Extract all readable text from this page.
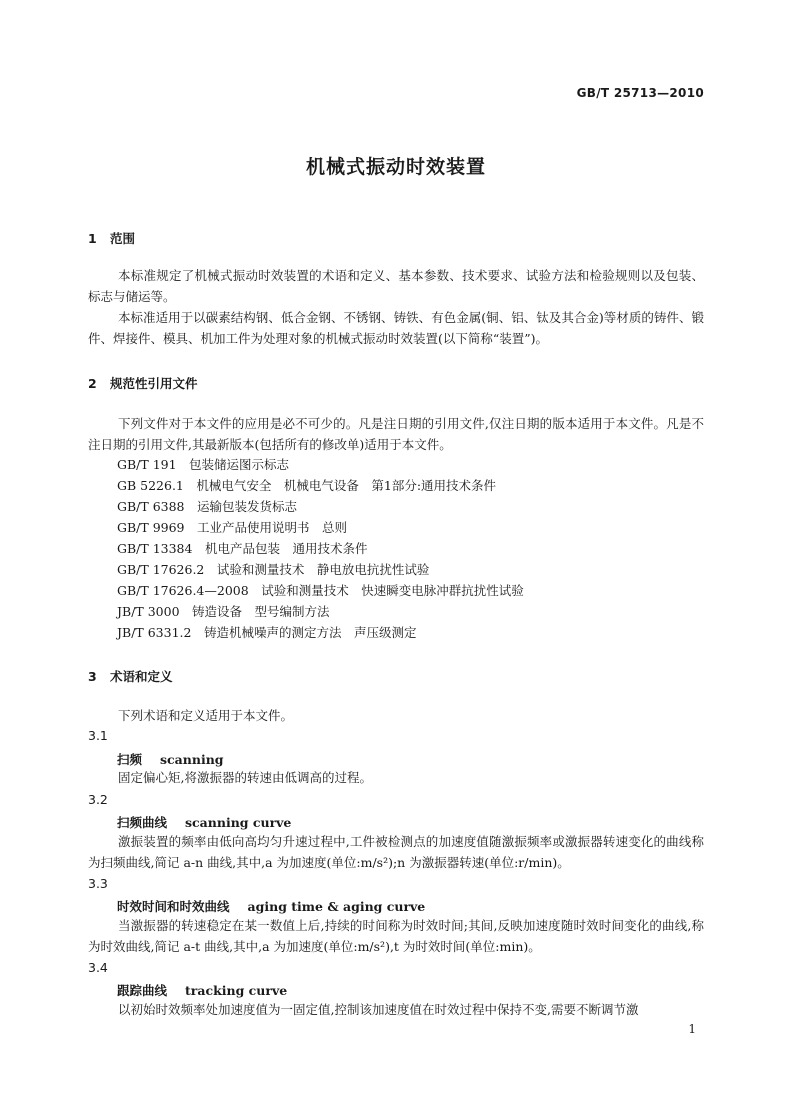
GB/T 25713—2010
机械式振动时效装置
1 范围
本标准规定了机械式振动时效装置的术语和定义、基本参数、技术要求、试验方法和检验规则以及包装、标志与储运等。
本标准适用于以碳素结构钢、低合金钢、不锈钢、铸铁、有色金属(铜、铝、钛及其合金)等材质的铸件、锻件、焊接件、模具、机加工件为处理对象的机械式振动时效装置(以下简称“装置”)。
2 规范性引用文件
下列文件对于本文件的应用是必不可少的。凡是注日期的引用文件,仅注日期的版本适用于本文件。凡是不注日期的引用文件,其最新版本(包括所有的修改单)适用于本文件。
GB/T 191　包装储运图示标志
GB 5226.1　机械电气安全　机械电气设备　第1部分:通用技术条件
GB/T 6388　运输包装发货标志
GB/T 9969　工业产品使用说明书　总则
GB/T 13384　机电产品包装　通用技术条件
GB/T 17626.2　试验和测量技术　静电放电抗扰性试验
GB/T 17626.4—2008　试验和测量技术　快速瞬变电脉冲群抗扰性试验
JB/T 3000　铸造设备　型号编制方法
JB/T 6331.2　铸造机械噪声的测定方法　声压级测定
3 术语和定义
下列术语和定义适用于本文件。
3.1
扫频 scanning
固定偏心矩,将激振器的转速由低调高的过程。
3.2
扫频曲线 scanning curve
激振装置的频率由低向高均匀升速过程中,工件被检测点的加速度值随激振频率或激振器转速变化的曲线称为扫频曲线,简记 a-n 曲线,其中,a 为加速度(单位:m/s²);n 为激振器转速(单位:r/min)。
3.3
时效时间和时效曲线 aging time & aging curve
当激振器的转速稳定在某一数值上后,持续的时间称为时效时间;其间,反映加速度随时效时间变化的曲线,称为时效曲线,简记 a-t 曲线,其中,a 为加速度(单位:m/s²),t 为时效时间(单位:min)。
3.4
跟踪曲线 tracking curve
以初始时效频率处加速度值为一固定值,控制该加速度值在时效过程中保持不变,需要不断调节激
1
